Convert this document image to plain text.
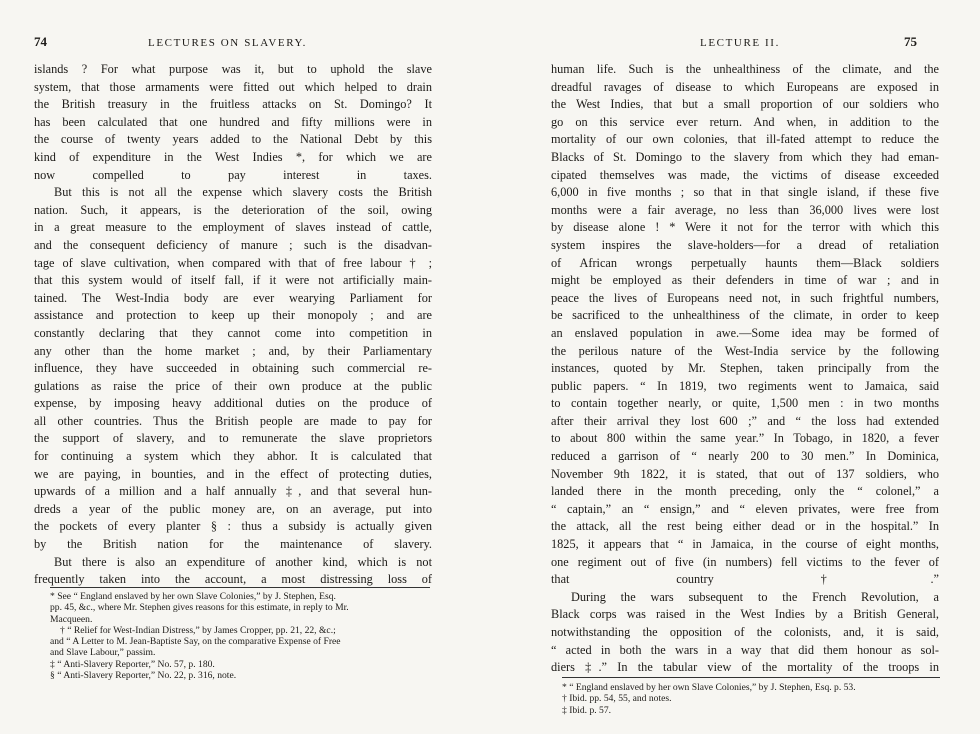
74	LECTURES ON SLAVERY.
islands ? For what purpose was it, but to uphold the slave
system, that those armaments were fitted out which helped to drain
the British treasury in the fruitless attacks on St. Domingo? It
has been calculated that one hundred and fifty millions were in
the course of twenty years added to the National Debt by this
kind of expenditure in the West Indies *, for which we are
now compelled to pay interest in taxes.
But this is not all the expense which slavery costs the British
nation. Such, it appears, is the deterioration of the soil, owing
in a great measure to the employment of slaves instead of cattle,
and the consequent deficiency of manure ; such is the disadvan-
tage of slave cultivation, when compared with that of free labour † ;
that this system would of itself fall, if it were not artificially main-
tained. The West-India body are ever wearying Parliament for
assistance and protection to keep up their monopoly ; and are
constantly declaring that they cannot come into competition in
any other than the home market ; and, by their Parliamentary
influence, they have succeeded in obtaining such commercial re-
gulations as raise the price of their own produce at the public
expense, by imposing heavy additional duties on the produce of
all other countries. Thus the British people are made to pay for
the support of slavery, and to remunerate the slave proprietors
for continuing a system which they abhor. It is calculated that
we are paying, in bounties, and in the effect of protecting duties,
upwards of a million and a half annually ‡, and that several hun-
dreds a year of the public money are, on an average, put into
the pockets of every planter § : thus a subsidy is actually given
by the British nation for the maintenance of slavery.
But there is also an expenditure of another kind, which is not
frequently taken into the account, a most distressing loss of
* See “ England enslaved by her own Slave Colonies,” by J. Stephen, Esq.
pp. 45, &c., where Mr. Stephen gives reasons for this estimate, in reply to Mr.
Macqueen.
† “ Relief for West-Indian Distress,” by James Cropper, pp. 21, 22, &c.;
and “ A Letter to M. Jean-Baptiste Say, on the comparative Expense of Free
and Slave Labour,” passim.
‡ “ Anti-Slavery Reporter,” No. 57, p. 180.
§ “ Anti-Slavery Reporter,” No. 22, p. 316, note.
LECTURE II.	75
human life. Such is the unhealthiness of the climate, and the
dreadful ravages of disease to which Europeans are exposed in
the West Indies, that but a small proportion of our soldiers who
go on this service ever return. And when, in addition to the
mortality of our own colonies, that ill-fated attempt to reduce the
Blacks of St. Domingo to the slavery from which they had eman-
cipated themselves was made, the victims of disease exceeded
6,000 in five months ; so that in that single island, if these five
months were a fair average, no less than 36,000 lives were lost
by disease alone ! * Were it not for the terror with which this
system inspires the slave-holders—for a dread of retaliation
of African wrongs perpetually haunts them—Black soldiers
might be employed as their defenders in time of war ; and in
peace the lives of Europeans need not, in such frightful numbers,
be sacrificed to the unhealthiness of the climate, in order to keep
an enslaved population in awe.—Some idea may be formed of
the perilous nature of the West-India service by the following
instances, quoted by Mr. Stephen, taken principally from the
public papers. “ In 1819, two regiments went to Jamaica, said
to contain together nearly, or quite, 1,500 men : in two months
after their arrival they lost 600 ;” and “ the loss had extended
to about 800 within the same year.” In Tobago, in 1820, a fever
reduced a garrison of “ nearly 200 to 30 men.” In Dominica,
November 9th 1822, it is stated, that out of 137 soldiers, who
landed there in the month preceding, only the “ colonel,” a
“ captain,” an “ ensign,” and “ eleven privates, were free from
the attack, all the rest being either dead or in the hospital.” In
1825, it appears that “ in Jamaica, in the course of eight months,
one regiment out of five (in numbers) fell victims to the fever of
that country †.”
During the wars subsequent to the French Revolution, a
Black corps was raised in the West Indies by a British General,
notwithstanding the opposition of the colonists, and, it is said,
“ acted in both the wars in a way that did them honour as sol-
diers ‡.” In the tabular view of the mortality of the troops in
* “ England enslaved by her own Slave Colonies,” by J. Stephen, Esq. p. 53.
† Ibid. pp. 54, 55, and notes.
‡ Ibid. p. 57.
